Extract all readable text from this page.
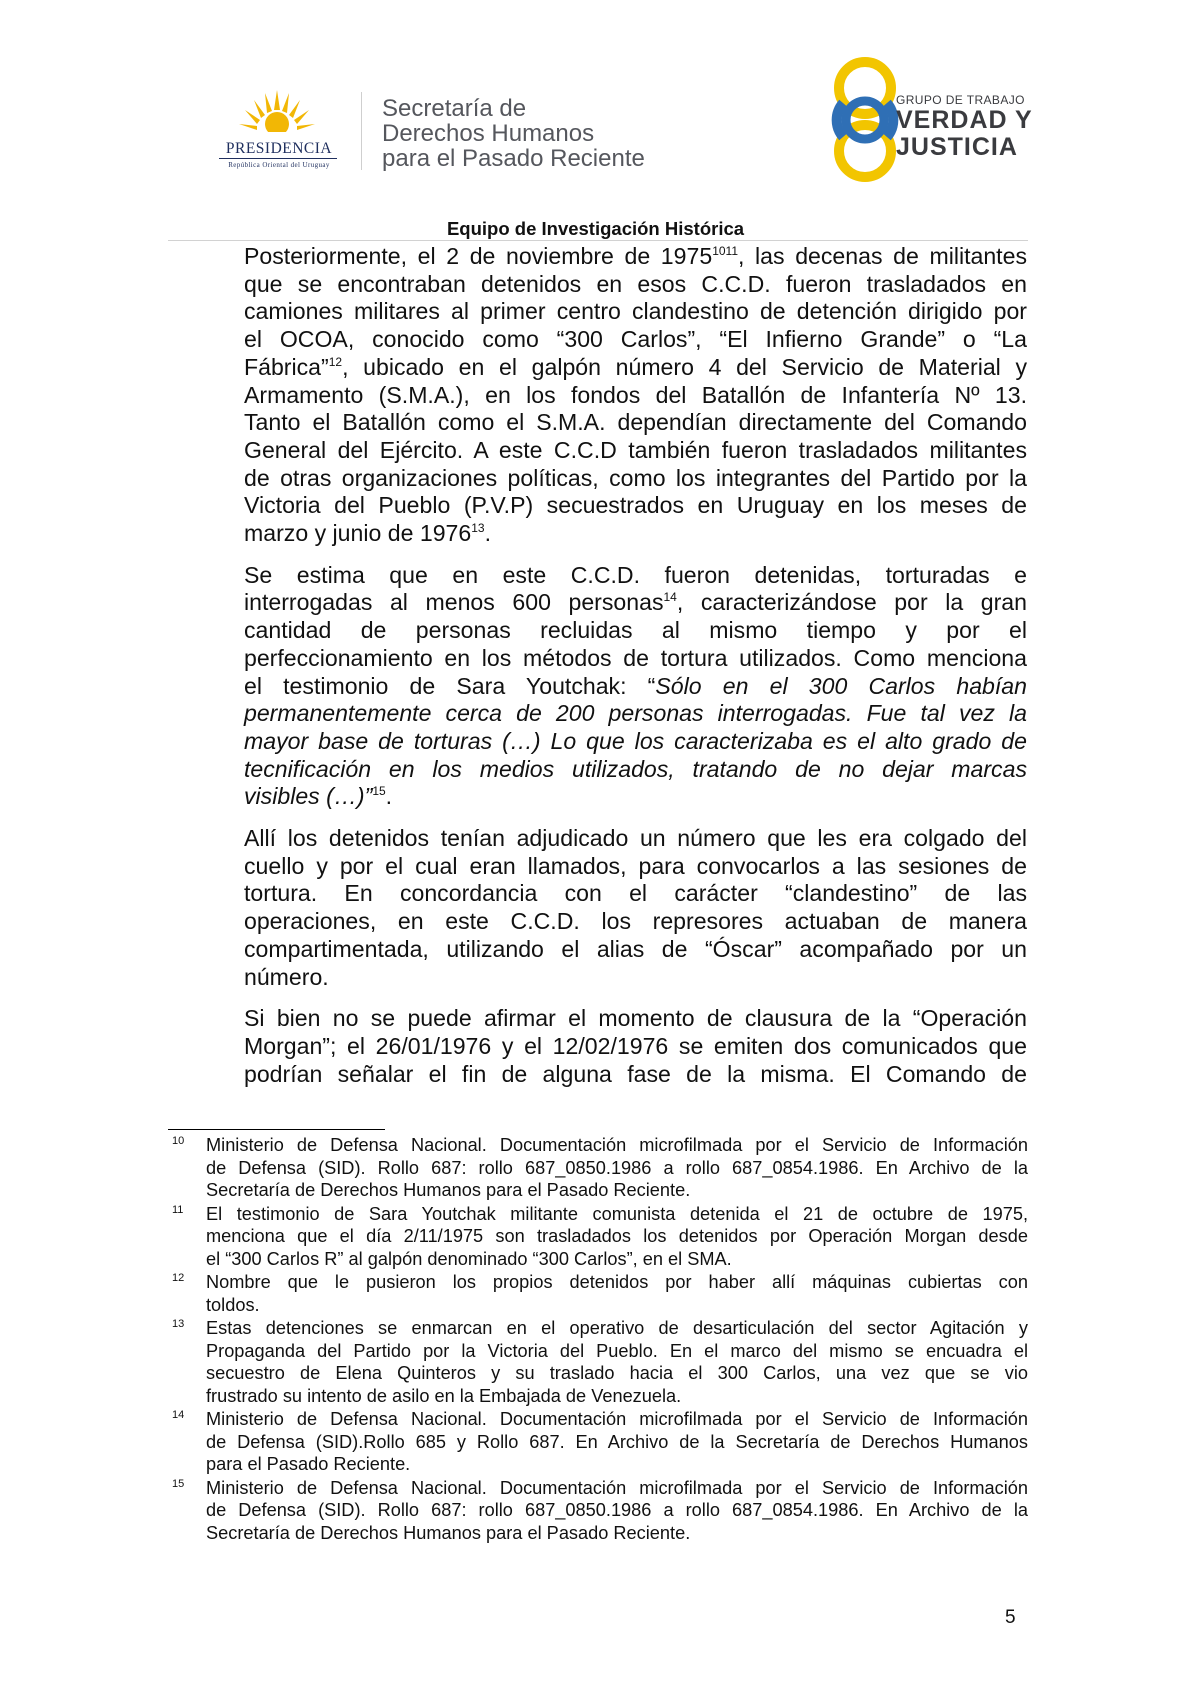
PRESIDENCIA
República Oriental del Uruguay
Secretaría de
Derechos Humanos
para el Pasado Reciente
GRUPO DE TRABAJO
VERDAD Y
JUSTICIA
Equipo de Investigación Histórica
Posteriormente, el 2 de noviembre de $1975^{1011}$, las decenas de militantes
que se encontraban detenidos en esos C.C.D. fueron trasladados en
camiones militares al primer centro clandestino de detención dirigido por
el OCOA, conocido como “300 Carlos”, “El Infierno Grande” o “La
Fábrica”$^{12}$, ubicado en el galpón número 4 del Servicio de Material y
Armamento (S.M.A.), en los fondos del Batallón de Infantería Nº 13.
Tanto el Batallón como el S.M.A. dependían directamente del Comando
General del Ejército. A este C.C.D también fueron trasladados militantes
de otras organizaciones políticas, como los integrantes del Partido por la
Victoria del Pueblo (P.V.P) secuestrados en Uruguay en los meses de
marzo y junio de 1976$^{13}$.
Se estima que en este C.C.D. fueron detenidas, torturadas e
interrogadas al menos 600 personas$^{14}$, caracterizándose por la gran
cantidad de personas recluidas al mismo tiempo y por el
perfeccionamiento en los métodos de tortura utilizados. Como menciona
el testimonio de Sara Youtchak: “Sólo en el 300 Carlos habían
permanentemente cerca de 200 personas interrogadas. Fue tal vez la
mayor base de torturas (…) Lo que los caracterizaba es el alto grado de
tecnificación en los medios utilizados, tratando de no dejar marcas
visibles (…)”$^{15}$.
Allí los detenidos tenían adjudicado un número que les era colgado del
cuello y por el cual eran llamados, para convocarlos a las sesiones de
tortura. En concordancia con el carácter “clandestino” de las
operaciones, en este C.C.D. los represores actuaban de manera
compartimentada, utilizando el alias de “Óscar” acompañado por un
número.
Si bien no se puede afirmar el momento de clausura de la “Operación
Morgan”; el 26/01/1976 y el 12/02/1976 se emiten dos comunicados que
podrían señalar el fin de alguna fase de la misma. El Comando de
10 Ministerio de Defensa Nacional. Documentación microfilmada por el Servicio de Información
de Defensa (SID). Rollo 687: rollo 687_0850.1986 a rollo 687_0854.1986. En Archivo de la
Secretaría de Derechos Humanos para el Pasado Reciente.
11 El testimonio de Sara Youtchak militante comunista detenida el 21 de octubre de 1975,
menciona que el día 2/11/1975 son trasladados los detenidos por Operación Morgan desde
el “300 Carlos R” al galpón denominado “300 Carlos”, en el SMA.
12 Nombre que le pusieron los propios detenidos por haber allí máquinas cubiertas con
toldos.
13 Estas detenciones se enmarcan en el operativo de desarticulación del sector Agitación y
Propaganda del Partido por la Victoria del Pueblo. En el marco del mismo se encuadra el
secuestro de Elena Quinteros y su traslado hacia el 300 Carlos, una vez que se vio
frustrado su intento de asilo en la Embajada de Venezuela.
14 Ministerio de Defensa Nacional. Documentación microfilmada por el Servicio de Información
de Defensa (SID).Rollo 685 y Rollo 687. En Archivo de la Secretaría de Derechos Humanos
para el Pasado Reciente.
15 Ministerio de Defensa Nacional. Documentación microfilmada por el Servicio de Información
de Defensa (SID). Rollo 687: rollo 687_0850.1986 a rollo 687_0854.1986. En Archivo de la
Secretaría de Derechos Humanos para el Pasado Reciente.
5
